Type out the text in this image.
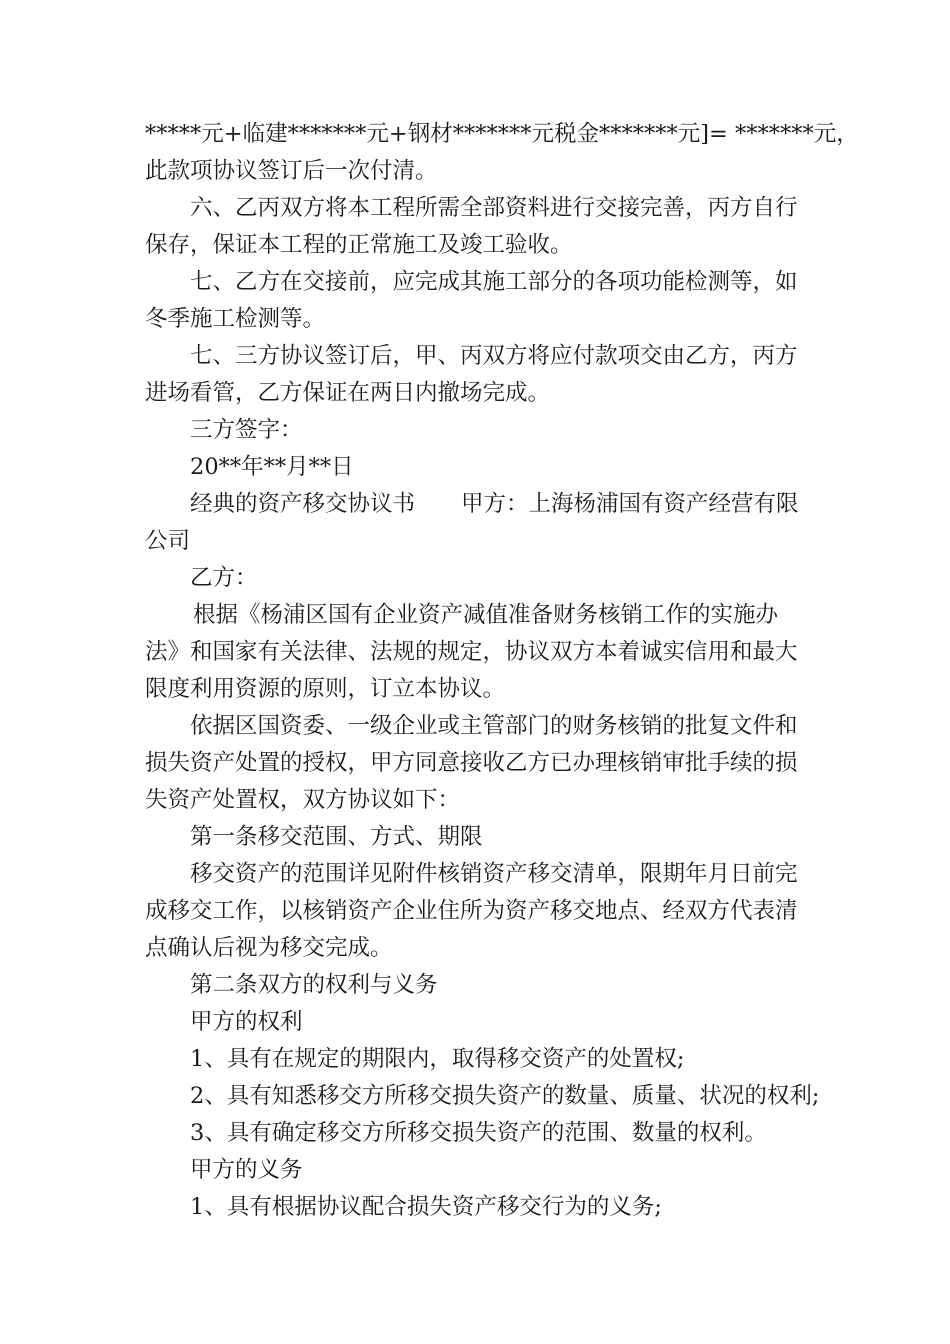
*****元+临建*******元+钢材*******元税金*******元]= *******元，

此款项协议签订后一次付清。

六、乙丙双方将本工程所需全部资料进行交接完善，丙方自行

保存，保证本工程的正常施工及竣工验收。

七、乙方在交接前，应完成其施工部分的各项功能检测等，如

冬季施工检测等。

七、三方协议签订后，甲、丙双方将应付款项交由乙方，丙方

进场看管，乙方保证在两日内撤场完成。

三方签字：

20**年**月**日

经典的资产移交协议书 甲方：上海杨浦国有资产经营有限

公司

乙方：

根据《杨浦区国有企业资产减值准备财务核销工作的实施办

法》和国家有关法律、法规的规定，协议双方本着诚实信用和最大

限度利用资源的原则，订立本协议。

依据区国资委、一级企业或主管部门的财务核销的批复文件和

损失资产处置的授权，甲方同意接收乙方已办理核销审批手续的损

失资产处置权，双方协议如下：

第一条移交范围、方式、期限

移交资产的范围详见附件核销资产移交清单，限期年月日前完

成移交工作，以核销资产企业住所为资产移交地点、经双方代表清

点确认后视为移交完成。

第二条双方的权利与义务

甲方的权利

1、具有在规定的期限内，取得移交资产的处置权;

2、具有知悉移交方所移交损失资产的数量、质量、状况的权利;

3、具有确定移交方所移交损失资产的范围、数量的权利。

甲方的义务

1、具有根据协议配合损失资产移交行为的义务;
